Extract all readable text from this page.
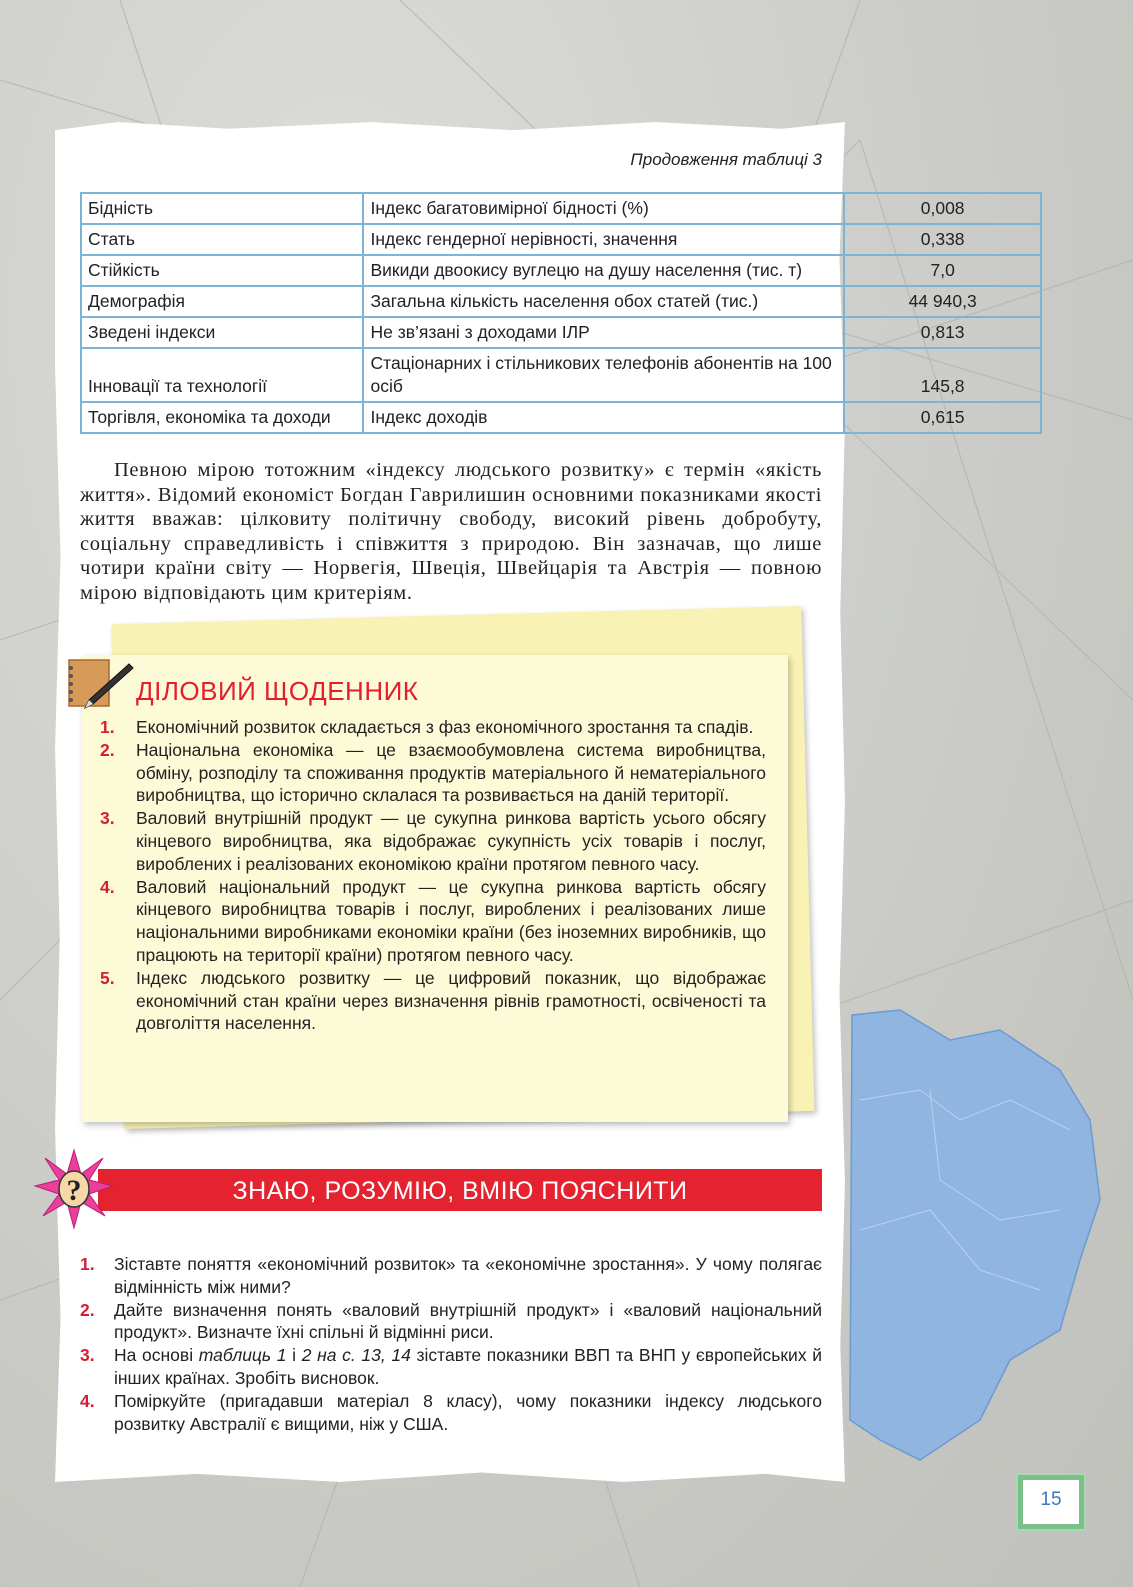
Продовження таблиці 3
Бідність	Індекс багатовимірної бідності (%)	0,008
Стать	Індекс гендерної нерівності, значення	0,338
Стійкість	Викиди двоокису вуглецю на душу населення (тис. т)	7,0
Демографія	Загальна кількість населення обох статей (тис.)	44 940,3
Зведені індекси	Не зв’язані з доходами ІЛР	0,813
Інновації та технології	Стаціонарних і стільникових телефонів абонентів на 100 осіб	145,8
Торгівля, економіка та доходи	Індекс доходів	0,615
Певною мірою тотожним «індексу людського розвитку» є термін «якість життя». Відомий економіст Богдан Гаврилишин основними показниками якості життя вважав: цілковиту політичну свободу, високий рівень добробуту, соціальну справедливість і співжиття з природою. Він зазначав, що лише чотири країни світу — Норвегія, Швеція, Швейцарія та Австрія — повною мірою відповідають цим критеріям.
ДІЛОВИЙ ЩОДЕННИК
1. Економічний розвиток складається з фаз економічного зростання та спадів.
2. Національна економіка — це взаємообумовлена система виробництва, обміну, розподілу та споживання продуктів матеріального й нематеріального виробництва, що історично склалася та розвивається на даній території.
3. Валовий внутрішній продукт — це сукупна ринкова вартість усього обсягу кінцевого виробництва, яка відображає сукупність усіх товарів і послуг, вироблених і реалізованих економікою країни протягом певного часу.
4. Валовий національний продукт — це сукупна ринкова вартість обсягу кінцевого виробництва товарів і послуг, вироблених і реалізованих лише національними виробниками економіки країни (без іноземних виробників, що працюють на території країни) протягом певного часу.
5. Індекс людського розвитку — це цифровий показник, що відображає економічний стан країни через визначення рівнів грамотності, освіченості та довголіття населення.
ЗНАЮ, РОЗУМІЮ, ВМІЮ ПОЯСНИТИ
?
1. Зіставте поняття «економічний розвиток» та «економічне зростання». У чому полягає відмінність між ними?
2. Дайте визначення понять «валовий внутрішній продукт» і «валовий національний продукт». Визначте їхні спільні й відмінні риси.
3. На основі таблиць 1 і 2 на с. 13, 14 зіставте показники ВВП та ВНП у європейських й інших країнах. Зробіть висновок.
4. Поміркуйте (пригадавши матеріал 8 класу), чому показники індексу людського розвитку Австралії є вищими, ніж у США.
15
